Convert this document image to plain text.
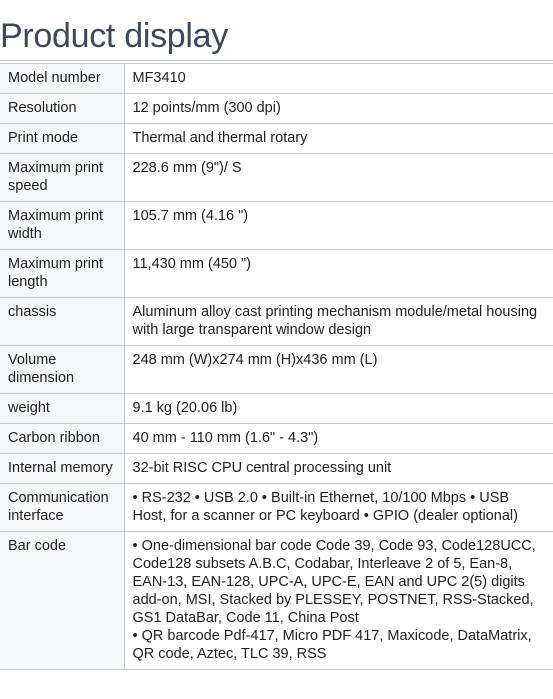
Product display
Model number	MF3410
Resolution	12 points/mm (300 dpi)
Print mode	Thermal and thermal rotary
Maximum print speed	228.6 mm (9")/ S
Maximum print width	105.7 mm (4.16 ")
Maximum print length	11,430 mm (450 ")
chassis	Aluminum alloy cast printing mechanism module/metal housing with large transparent window design
Volume dimension	248 mm (W)x274 mm (H)x436 mm (L)
weight	9.1 kg (20.06 lb)
Carbon ribbon	40 mm - 110 mm (1.6" - 4.3")
Internal memory	32-bit RISC CPU central processing unit
Communication interface	• RS-232 • USB 2.0 • Built-in Ethernet, 10/100 Mbps • USB Host, for a scanner or PC keyboard • GPIO (dealer optional)
Bar code	• One-dimensional bar code Code 39, Code 93, Code128UCC, Code128 subsets A.B.C, Codabar, Interleave 2 of 5, Ean-8, EAN-13, EAN-128, UPC-A, UPC-E, EAN and UPC 2(5) digits add-on, MSI, Stacked by PLESSEY, POSTNET, RSS-Stacked, GS1 DataBar, Code 11, China Post
• QR barcode Pdf-417, Micro PDF 417, Maxicode, DataMatrix, QR code, Aztec, TLC 39, RSS
